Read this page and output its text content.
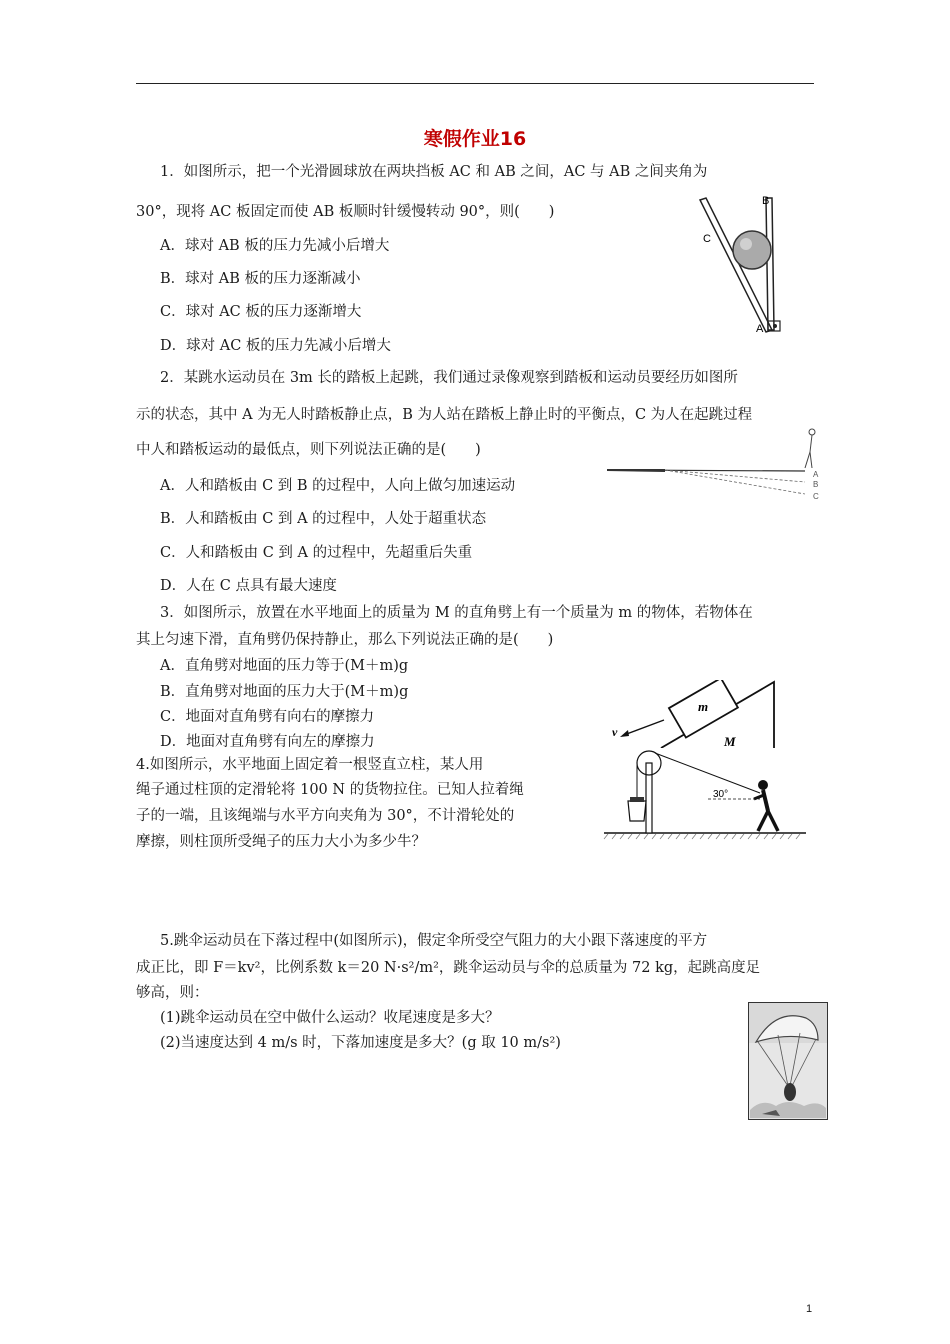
寒假作业16
1．如图所示，把一个光滑圆球放在两块挡板 AC 和 AB 之间，AC 与 AB 之间夹角为
30°，现将 AC 板固定而使 AB 板顺时针缓慢转动 90°，则(　　)
A．球对 AB 板的压力先减小后增大
B．球对 AB 板的压力逐渐减小
C．球对 AC 板的压力逐渐增大
D．球对 AC 板的压力先减小后增大
B
C
A
2．某跳水运动员在 3m 长的踏板上起跳，我们通过录像观察到踏板和运动员要经历如图所
示的状态，其中 A 为无人时踏板静止点，B 为人站在踏板上静止时的平衡点，C 为人在起跳过程
中人和踏板运动的最低点，则下列说法正确的是(　　)
A．人和踏板由 C 到 B 的过程中，人向上做匀加速运动
B．人和踏板由 C 到 A 的过程中，人处于超重状态
C．人和踏板由 C 到 A 的过程中，先超重后失重
D．人在 C 点具有最大速度
A
B
C
3．如图所示，放置在水平地面上的质量为 M 的直角劈上有一个质量为 m 的物体，若物体在
其上匀速下滑，直角劈仍保持静止，那么下列说法正确的是(　　)
A．直角劈对地面的压力等于(M＋m)g
B．直角劈对地面的压力大于(M＋m)g
C．地面对直角劈有向右的摩擦力
D．地面对直角劈有向左的摩擦力
m
M
v
4.如图所示，水平地面上固定着一根竖直立柱，某人用
绳子通过柱顶的定滑轮将 100 N 的货物拉住。已知人拉着绳
子的一端，且该绳端与水平方向夹角为 30°，不计滑轮处的
摩擦，则柱顶所受绳子的压力大小为多少牛？
30°
5.跳伞运动员在下落过程中(如图所示)，假定伞所受空气阻力的大小跟下落速度的平方
成正比，即 F＝kv²，比例系数 k＝20 N·s²/m²，跳伞运动员与伞的总质量为 72 kg，起跳高度足
够高，则：
(1)跳伞运动员在空中做什么运动？收尾速度是多大？
(2)当速度达到 4 m/s 时，下落加速度是多大？(g 取 10 m/s²)
1
